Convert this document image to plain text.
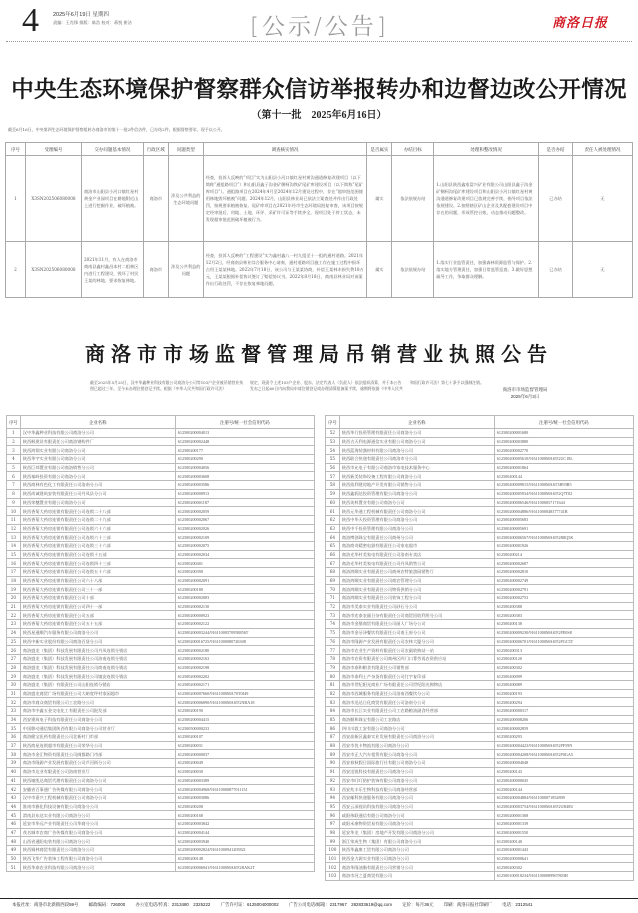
4	2025年6月19日 星期四
责编：王肖锋 排版：陈浩 校对：蒋悦 崔洁	[公示/公告]	商洛日报
中央生态环境保护督察群众信访举报转办和边督边改公开情况
（第十一批　2025年6月16日）
截至6月16日，中央第四生态环境保护督察组转办商洛市的第十一批2件信访件，已办结2件。根据督察要求，现予以公开。
序号	受理编号	交办问题基本情况	行政区域	问题类型	调查核实情况	是否属实	办结目标	处理和整改情况	是否办结	责任人被处理情况
1	X3SN202506080008	商洛市山阳县小河口镇红星村黄金产业园项目在耕地附近山上进行挖掘作业，破坏植被。	商洛市	涉及公共利益的生态环境问题	经查，投诉人反映的“项目”实为山阳县小河口镇红星村黄沟通道修复改建项目（以下简称“通组路项目”）和山阳县鑫子沟金矿侧柯沟铁矿尾矿库建设项目（以下简称“尾矿库项目”）。通组路项目在2024年4月至2024年12月建设过程中，存在“超审批范围使用林地毁坏植被”问题。2024年12月，山阳县林业局已依法立案查处并作出行政处罚，按规要求植被恢复。尾矿库项目在2021年经市生态环境局批复审查，该项目按规定经审批后，用地、土地、环评、采矿许可证等手续齐全，现项目处于停工状态，未发现超审批范围破坏植被行为。	属实	依法依规办结	1.山阳县陕西鑫家富兴矿业有限公司山阳县鑫子沟金矿侧柯沟尾矿库建设项目和山阳县小河口镇红星村黄沟通道修复改建项目已依规完善手续，指导项目依法依规建设。2.按照辖区矿山企业及其配套建设项目中存在的问题，形成管控台账，动态推动问题整改。	已办结	无
2	X3SN202506080008	2021年11月，有人在商洛市商南县鑫村鑫昌本村二组林区内进行工程建设，毁坏了村民王某的林地，要求恢复林地。	商洛市	涉及公共利益的问题	经查，投诉人反映的“工程建设”实为鑫村鑫八一村九组至十一组的通村道路。2021年12月2日，经商南县林业综合服务中心请奏，通村道路项目施工存在施工过程中损坏占用王某某林地。2022年7月18日，该公司与王某某协商，补偿王某林木损失费18万元，王某某根据补偿协议签订了赔偿协议书。2022年8月18日，商南县林业局对该案作出行政处罚，不存在恢复林地问题。	属实	依法依规办结	1.落实行业监管责任，加强森林资源监管与保护。2.落实地方管理责任，加强日常监管巡查。3.做好思想疏导工作，争取群众理解。	已办结	无
商洛市市场监督管理局吊销营业执照公告
截至2025年5月25日，汉中华鑫种业科技有限公司商洛分公司等103户企业被吊销营业执照已超过三年，至今未办理注销登记手续。根据《中华人民共和国行政许可法》
规定，现责令上述103户企业、股东、法定代表人（负责人）依法组织清算，并于本公告发布之日起60日内向我局申请注销登记或办理清算组备案手续，逾期将依据《中华人民共
和国行政许可法》第七十条予以强制注销。
商洛市市场监督管理局
2025年6月3日
序号	企业名称	注册号/统一社会信用代码
1	汉中华鑫种业科技有限公司商洛分公司	612500200004013
2	陕西枫建设有限责任公司商洛钢构件厂	612500200002448
3	陕西鸿翔实业有限公司商洛分公司	612500200177
4	陕西华宇实业有限公司商洛分公司	612500200290
5	陕西巨邦置业有限公司商洛销售分公司	612500200004056
6	陕西秦岭投资有限公司商洛分公司	612500200003608
7	陕西商林有色化工有限责任公司洛南分公司	612500200003586
8	陕西尚诚建筑安装有限责任公司丹凤县分公司	612500200000913
9	陕西荣穗置业有限公司商洛分公司	612500200001187
10	陕西香菊大药房连锁有限责任公司连锁二十八部	612500200002059
11	陕西香菊大药房连锁有限责任公司连锁二十九部	612500200002067
12	陕西香菊大药房连锁有限责任公司连锁六十六部	612500200002026
13	陕西香菊大药房连锁有限责任公司连锁六十三部	612500200002109
14	陕西香菊大药房连锁有限责任公司连锁三十六部	612500200002075
15	陕西香菊大药房连锁有限责任公司连锁十五部	612500200002034
16	陕西香菊大药房连锁有限责任公司连锁四十三部	612500200401
17	陕西香菊大药房连锁有限责任公司连锁五十六部	612500200390
18	陕西香菊大药房连锁有限责任公司六十八部	612500200002091
19	陕西香菊大药房连锁有限责任公司三十一部	612500200180
20	陕西香菊大药房连锁有限责任公司十部	612500200002083
21	陕西香菊大药房连锁有限责任公司四十一部	612500200002130
22	陕西香菊大药房连锁有限责任公司五部	612500200000923
23	陕西香菊大药房连锁有限责任公司五十五部	612500200002122
24	陕西星通顺汽车服务有限公司商洛分公司	612500200003244/91611000570958856T
25	陕西中新实业股份有限公司商洛百货分公司	612500200016725/91611000080726308
26	商洛盛龙（集团）科技发展有限责任公司丹凤连锁分销店	612500200002180
27	商洛盛龙（集团）科技发展有限责任公司洛南连锁分销店	612500200002163
28	商洛盛龙（集团）科技发展有限责任公司商南连锁分销店	612500200002198
29	商洛盛龙（集团）科技发展有限责任公司镇安连锁分销店	612500200002202
30	商洛盛龙（集团）有限责任公司山阳连锁分销店	612500200002171
31	商洛盛龙商贸广场有限责任公司大峪宽坪村家园超市	612500200007660/91611000MA70T0J49
32	商洛市商众商贸有限公司工农路分公司	612500200006890/91611000MA6TGNBA18
33	商洛市中鑫五金交电化工有限责任公司批发部	612500200190
34	西安建筑电子科技有限责任公司商洛分公司	612500200004415
35	中国移动通信集团陕西有限公司商洛分公司营业厅	612500500000233
36	商洛健宝医药有限责任公司北新村门市部	612500200107
37	陕西商星连锁超市有限责任公司荣华分公司	612500200031
38	商洛市金汇物资有限责任公司闽都路门市部	612500200000037
39	商洛市隆源产业发展有限责任公司芦河街分公司	612500200049
40	商洛市达业有限责任公司洛南营业厅	612500200030
41	陕西谢凯达商贸代理有限责任公司商洛分公司	612500200003389
42	安徽省百事通广告传媒有限公司商洛分公司	612500200004968/91611000087701115J
43	汉中市嘉兴工程机械有限责任公司商洛分公司	612500200003086
44	淮南市雅化科技设备有限公司商洛分公司	612500200208
45	渭南县东达实业有限公司商洛分公司	612500200168
46	延安市华远产业有限责任公司华商分公司	612500200003842
47	茂名城市农商广告传媒有限公司商洛分公司	612500200004144
48	山西省通阳电装有限公司商洛分公司	612500200003940
49	陕西铜林商贸有限责任公司商洛分公司	612500200002824/91611000941205821
50	陕西飞华广告装饰工程有限公司商洛分公司	612500200148
51	陕西华泰农业科技有限公司商洛分公司	612500200006941/91611000MA6TGRAK2T
序号	企业名称	注册号/统一社会信用代码
52	陕西华行投资管理有限责任公司商洛分公司	612500200001680
53	陕西吉天利电源通信实业有限公司商洛分公司	612500200003880
54	陕西蓝海装潢材料有限公司商洛分公司	612500200002770
55	陕西联合快递有限责任公司商洛市分公司	612500200005610/91611000MA6TGUC18L
56	陕西市允电子有限公司商洛市家电技术服务中心	612500200001864
57	陕西新美装饰设备工程有限公司商洛分公司	612500200144
58	陕西依利建房地产开发有限公司销售分公司	612500200009815/91611000MA6T3H93B5
59	陕西鑫润达投资管理有限公司商洛分公司	612500200005934/91611000MA6TGQ7T02
60	陕西英梓置业有限公司商洛分公司	612500200006546/91611000057171644
61	陕西元华通工程机械有限责任公司商洛分公司	612500200004886/91611000048377741B
62	陕西中华天投资管理有限公司商洛分公司	612500200005683
63	陕西中千投资管理有限公司商洛分公司	612500200005691
64	商洛博创珠宝有限责任公司商州分公司	612500200006567/91611000MA6TGR8Q5K
65	商洛商奇精密电器有限责任公司家电超市	612500200001926
66	商洛光华村美家电有限责任公司洛南专卖店	612500200214
67	商洛光华村美家电有限责任公司丹凤销售公司	612500200002687
68	商洛鸿顺实业有限责任公司商州农特旅游园销售厅	612500200002810
69	商洛鸿顺实业有限责任公司商农管理分公司	612500200002749
70	商洛鸿顺实业有限责任公司物资供销分公司	612500200002791
71	商洛鸿顺实业有限责任公司装饰工程分公司	612500200002753
72	商洛市美泰实业有限责任公司砂石分公司	612500200388
73	商洛市宏泰农副日杂有限责任公司商贸回收利用分公司	612500200383
74	商洛市金鼎商贸有限责任公司丽人广场分公司	612500200138
75	商洛市金牙泽餐饮有限责任公司南王府分公司	612500200009230/91611000MA6TGPE0S8
76	商洛市隆源产业发展有限责任公司农林大厦分公司	612500200006701/91611000MA6TGPGC5T
77	商洛市农业生产资料有限责任公司农副收购站一站	612500200313
78	商洛市农资有限责任公司商州区四门口菁劳再农资供应站	612500200120
79	商洛市泰和粮食有限责任公司销售部	612500200302
80	商洛市泰利土产杂货有限责任公司打字复印部	612500200099
81	商洛市世纪阳光商业广场有限责任公司世纪阳光购物店	612500200089
82	商洛市西城服务有限责任公司洛南西餐饮分公司	612500200193
83	商洛市迅达日化商贸有限责任公司洛南分公司	612500200294
84	商洛市长江实业有限责任公司工农路粮油副食经营部	612500200000317
85	商洛顺和珠宝有限公司工农路店	612500200008206
86	四川川敦工安有限公司商洛分公司	612500200002859
87	西安高新区鑫泰实业发展有限责任公司商洛分公司	612500200293
88	西安市优卡物流有限公司商洛分公司	612500200004423/91611000MA6TGPF59N
89	西安市正大汽车租赁有限公司商洛分公司	612500200004208/91611000MA6TGP0GA5
90	西安春秋假日国际旅行社有限公司商洛分公司	612500200004048
91	西安迅锐科技有限责任公司商洛分公司	612500200143
92	西安市叮叮防护装饰有限公司商洛分公司	612500200000045
93	西安兆丰乐生物科技有限公司商洛经营部	612500200144
94	西安邮科快递服务有限公司商洛分公司	612500200004884/91611000071852809
95	西安云深视讯科技有限公司商洛分公司	612500200003754/91611000MA6TGUB48U
96	咸阳伟联通信有限公司商洛分公司	612500200001368
97	咸阳禾康物资贸易有限公司商洛分公司	612500200001339
98	延安华龙（集团）房地产开发有限公司商洛分公司	612500200001550
99	浙江荣成生物（集团）有限公司商洛分公司	612500200140
100	陕西华鑫康工贸有限公司商洛分公司	612500200001443
101	陕西金力源实业有限公司商洛分公司	612500200000641
102	商洛华隆油脂有限责任公司营销分公司	612500200302
103	商洛市河之夏商贸有限公司	612500100018234/91611000089967803H
本报社址：商洛市北新街西段59号 邮政编码：726000 办公室电话/传真：2313480　2325222 广告许可证：6125004000002 广告公司电话/邮箱：2317967　282833619@qq.com 定价：每月36元 印刷：商洛日报社印刷厂 电话：2312541
